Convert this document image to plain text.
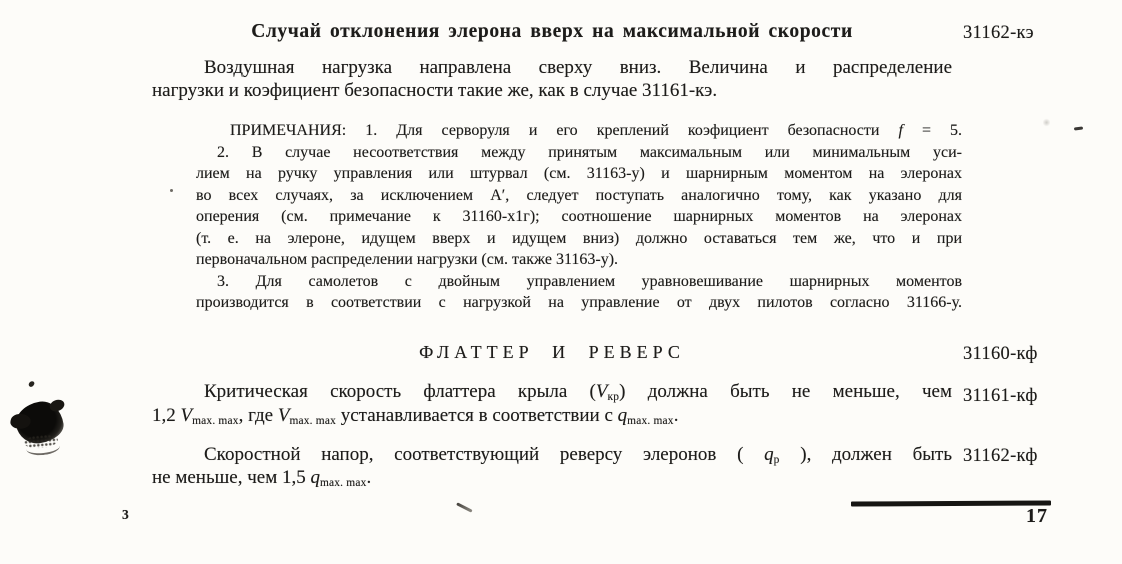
Случай отклонения элерона вверх на максимальной скорости	31162-кэ
Воздушная нагрузка направлена сверху вниз. Величина и распределение
нагрузки и коэфициент безопасности такие же, как в случае 31161-кэ.
ПРИМЕЧАНИЯ: 1. Для серворуля и его креплений коэфициент безопасности f = 5.
2. В случае несоответствия между принятым максимальным или минимальным уси-
лием на ручку управления или штурвал (см. 31163-у) и шарнирным моментом на элеронах
во всех случаях, за исключением А′, следует поступать аналогично тому, как указано для
оперения (см. примечание к 31160-х1г); соотношение шарнирных моментов на элеронах
(т. е. на элероне, идущем вверх и идущем вниз) должно оставаться тем же, что и при
первоначальном распределении нагрузки (см. также 31163-у).
3. Для самолетов с двойным управлением уравновешивание шарнирных моментов
производится в соответствии с нагрузкой на управление от двух пилотов согласно 31166-у.
ФЛАТТЕР И РЕВЕРС	31160-кф
Критическая скорость флаттера крыла $(V_{кр})$ должна быть не меньше, чем
1,2 $V_{max. max}$, где $V_{max. max}$ устанавливается в соответствии с $q_{max. max}$.
31161-кф
Скоростной напор, соответствующий реверсу элеронов ( $q_р$ ), должен быть
не меньше, чем 1,5 $q_{max. max}$.
31162-кф
3	17
